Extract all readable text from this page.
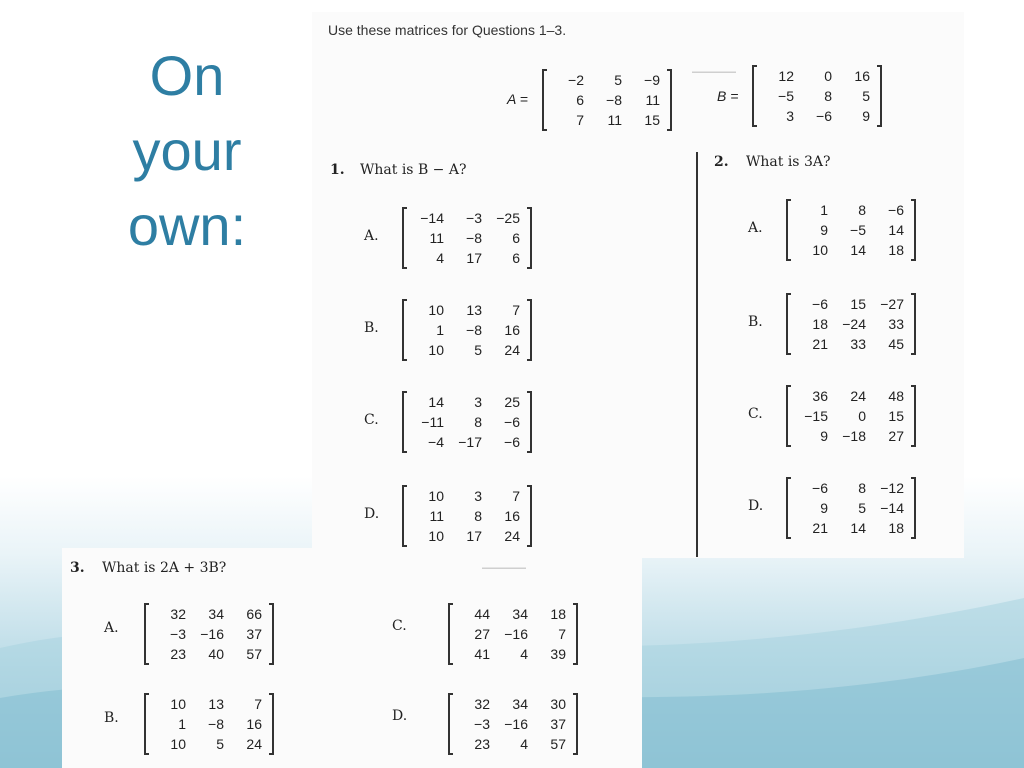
On
your
own:
Use these matrices for Questions 1–3.
——
A =
−2	5	−9
6	−8	11
7	11	15
B =
12	0	16
−5	8	5
3	−6	9
1. What is B − A?
A.
−14	−3	−25
11	−8	6
4	17	6
B.
10	13	7
1	−8	16
10	5	24
C.
14	3	25
−11	8	−6
−4	−17	−6
D.
10	3	7
11	8	16
10	17	24
2. What is 3A?
A.
1	8	−6
9	−5	14
10	14	18
B.
−6	15	−27
18	−24	33
21	33	45
C.
36	24	48
−15	0	15
9	−18	27
D.
−6	8	−12
9	5	−14
21	14	18
——
3. What is 2A + 3B?
A.
32	34	66
−3	−16	37
23	40	57
B.
10	13	7
1	−8	16
10	5	24
C.
44	34	18
27	−16	7
41	4	39
D.
32	34	30
−3	−16	37
23	4	57
